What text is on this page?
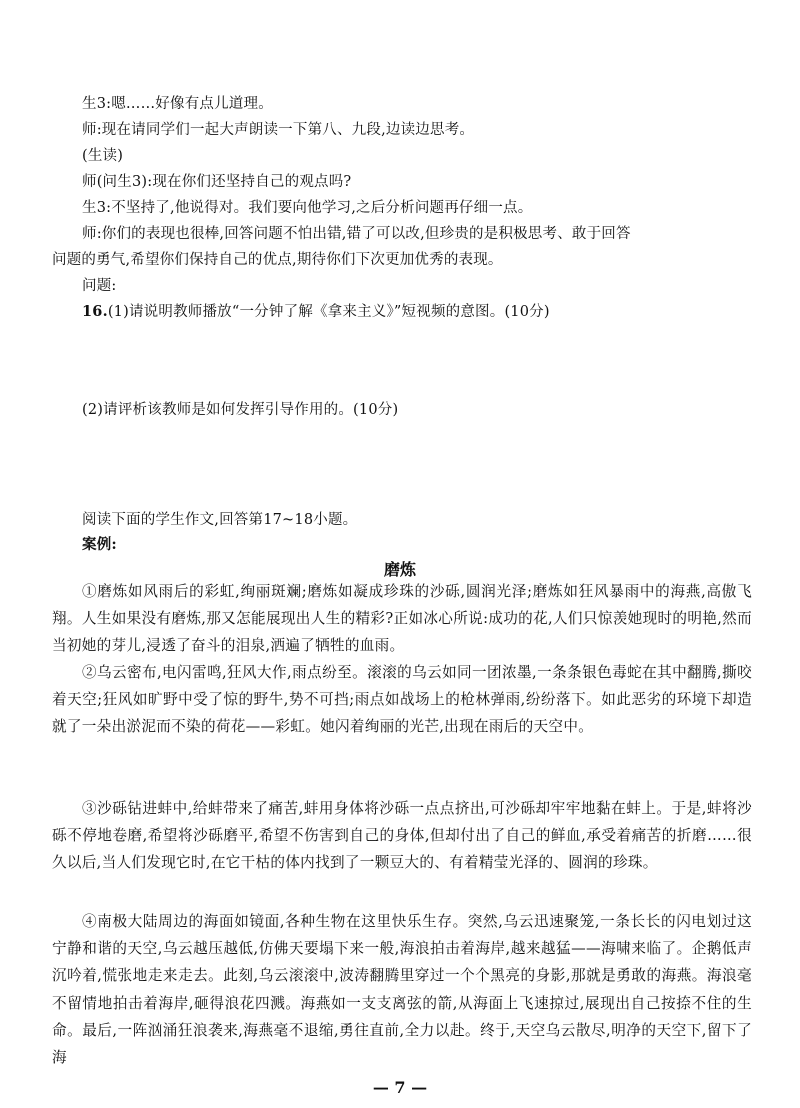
生3:嗯……好像有点儿道理。
师:现在请同学们一起大声朗读一下第八、九段,边读边思考。
(生读)
师(问生3):现在你们还坚持自己的观点吗?
生3:不坚持了,他说得对。我们要向他学习,之后分析问题再仔细一点。
师:你们的表现也很棒,回答问题不怕出错,错了可以改,但珍贵的是积极思考、敢于回答
问题的勇气,希望你们保持自己的优点,期待你们下次更加优秀的表现。
问题:
16.(1)请说明教师播放“一分钟了解《拿来主义》”短视频的意图。(10分)
(2)请评析该教师是如何发挥引导作用的。(10分)
阅读下面的学生作文,回答第17~18小题。
案例:
磨炼
①磨炼如风雨后的彩虹,绚丽斑斓;磨炼如凝成珍珠的沙砾,圆润光泽;磨炼如狂风暴雨中的海燕,高傲飞翔。人生如果没有磨炼,那又怎能展现出人生的精彩?正如冰心所说:成功的花,人们只惊羡她现时的明艳,然而当初她的芽儿,浸透了奋斗的泪泉,洒遍了牺牲的血雨。
②乌云密布,电闪雷鸣,狂风大作,雨点纷至。滚滚的乌云如同一团浓墨,一条条银色毒蛇在其中翻腾,撕咬着天空;狂风如旷野中受了惊的野牛,势不可挡;雨点如战场上的枪林弹雨,纷纷落下。如此恶劣的环境下却造就了一朵出淤泥而不染的荷花——彩虹。她闪着绚丽的光芒,出现在雨后的天空中。
③沙砾钻进蚌中,给蚌带来了痛苦,蚌用身体将沙砾一点点挤出,可沙砾却牢牢地黏在蚌上。于是,蚌将沙砾不停地卷磨,希望将沙砾磨平,希望不伤害到自己的身体,但却付出了自己的鲜血,承受着痛苦的折磨……很久以后,当人们发现它时,在它干枯的体内找到了一颗豆大的、有着精莹光泽的、圆润的珍珠。
④南极大陆周边的海面如镜面,各种生物在这里快乐生存。突然,乌云迅速聚笼,一条长长的闪电划过这宁静和谐的天空,乌云越压越低,仿佛天要塌下来一般,海浪拍击着海岸,越来越猛——海啸来临了。企鹅低声沉吟着,慌张地走来走去。此刻,乌云滚滚中,波涛翻腾里穿过一个个黑亮的身影,那就是勇敢的海燕。海浪毫不留情地拍击着海岸,砸得浪花四溅。海燕如一支支离弦的箭,从海面上飞速掠过,展现出自己按捺不住的生命。最后,一阵汹涌狂浪袭来,海燕毫不退缩,勇往直前,全力以赴。终于,天空乌云散尽,明净的天空下,留下了海
— 7 —
